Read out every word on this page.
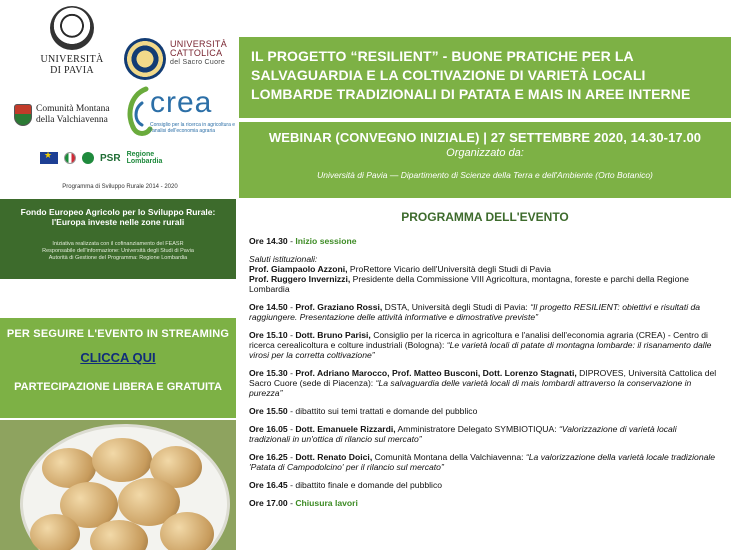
UNIVERSITÀ
DI PAVIA
UNIVERSITÀ
CATTOLICA
del Sacro Cuore
Comunità Montana
della Valchiavenna
crea
Consiglio per la ricerca in agricoltura e l'analisi dell'economia agraria
★
PSR Regione
Lombardia
Programma di Sviluppo Rurale 2014 - 2020
Fondo Europeo Agricolo per lo Sviluppo Rurale:
l'Europa investe nelle zone rurali
Iniziativa realizzata con il cofinanziamento del FEASR
Responsabile dell'informazione: Università degli Studi di Pavia
Autorità di Gestione del Programma: Regione Lombardia
PER SEGUIRE L'EVENTO IN STREAMING
CLICCA QUI
PARTECIPAZIONE LIBERA E GRATUITA
IL PROGETTO “RESILIENT” - BUONE PRATICHE PER LA SALVAGUARDIA E LA COLTIVAZIONE DI VARIETÀ LOCALI LOMBARDE TRADIZIONALI DI PATATA E MAIS IN AREE INTERNE
WEBINAR (CONVEGNO INIZIALE) | 27 SETTEMBRE 2020, 14.30-17.00
Organizzato da:
Università di Pavia — Dipartimento di Scienze della Terra e dell'Ambiente (Orto Botanico)
PROGRAMMA DELL'EVENTO
Ore 14.30 - Inizio sessione
Saluti istituzionali:
Prof. Giampaolo Azzoni, ProRettore Vicario dell'Università degli Studi di Pavia
Prof. Ruggero Invernizzi, Presidente della Commissione VIII Agricoltura, montagna, foreste e parchi della Regione Lombardia
Ore 14.50 - Prof. Graziano Rossi, DSTA, Università degli Studi di Pavia: “Il progetto RESILIENT: obiettivi e risultati da raggiungere. Presentazione delle attività informative e dimostrative previste”
Ore 15.10 - Dott. Bruno Parisi, Consiglio per la ricerca in agricoltura e l'analisi dell'economia agraria (CREA) - Centro di ricerca cerealicoltura e colture industriali (Bologna): “Le varietà locali di patate di montagna lombarde: il risanamento dalle virosi per la corretta coltivazione”
Ore 15.30 - Prof. Adriano Marocco, Prof. Matteo Busconi, Dott. Lorenzo Stagnati, DIPROVES, Università Cattolica del Sacro Cuore (sede di Piacenza): “La salvaguardia delle varietà locali di mais lombardi attraverso la conservazione in purezza”
Ore 15.50 - dibattito sui temi trattati e domande del pubblico
Ore 16.05 - Dott. Emanuele Rizzardi, Amministratore Delegato SYMBIOTIQUA: “Valorizzazione di varietà locali tradizionali in un'ottica di rilancio sul mercato”
Ore 16.25 - Dott. Renato Doici, Comunità Montana della Valchiavenna: “La valorizzazione della varietà locale tradizionale 'Patata di Campodolcino' per il rilancio sul mercato”
Ore 16.45 - dibattito finale e domande del pubblico
Ore 17.00 - Chiusura lavori
